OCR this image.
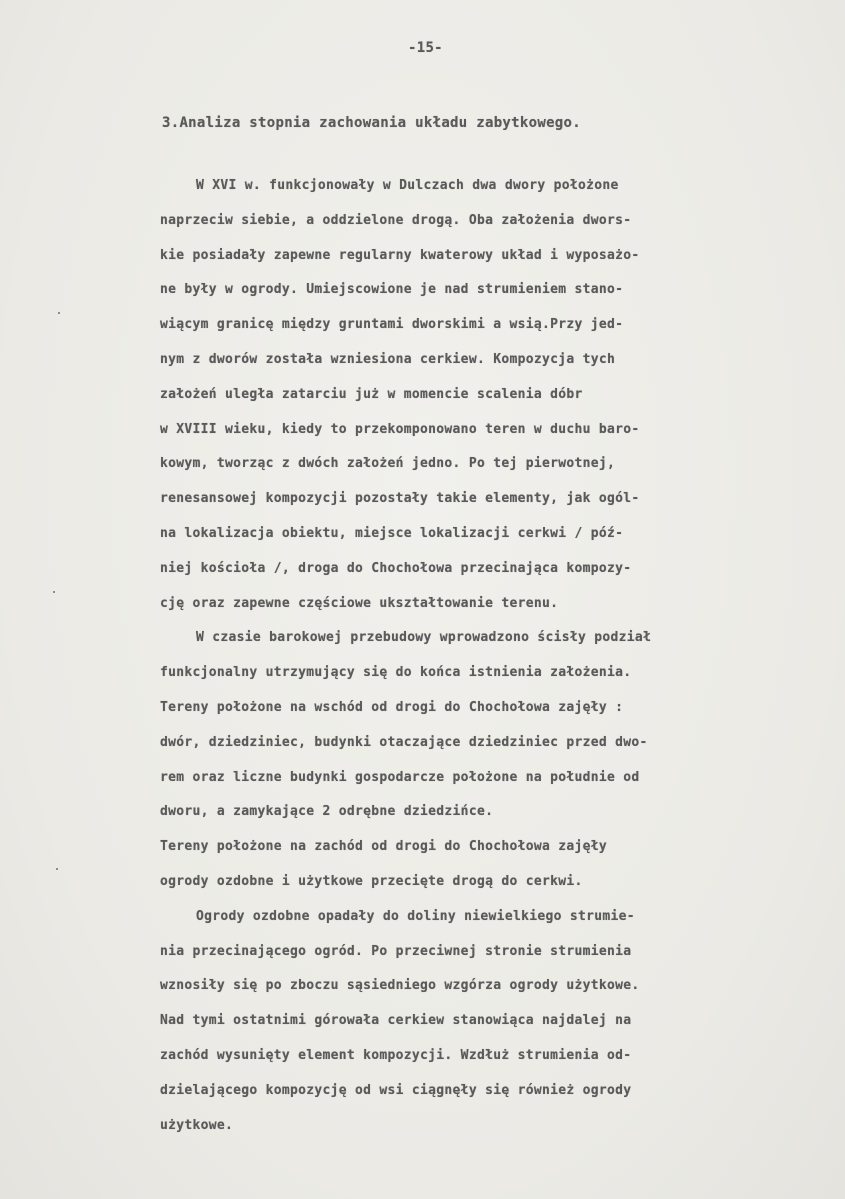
-15-
3.Analiza stopnia zachowania układu zabytkowego.
W XVI w. funkcjonowały w Dulczach dwa dwory położone
naprzeciw siebie, a oddzielone drogą. Oba założenia dwors-
kie posiadały zapewne regularny kwaterowy układ i wyposażo-
ne były w ogrody. Umiejscowione je nad strumieniem stano-
wiącym granicę między gruntami dworskimi a wsią.Przy jed-
nym z dworów została wzniesiona cerkiew. Kompozycja tych
założeń uległa zatarciu już w momencie scalenia dóbr
w XVIII wieku, kiedy to przekomponowano teren w duchu baro-
kowym, tworząc z dwóch założeń jedno. Po tej pierwotnej,
renesansowej kompozycji pozostały takie elementy, jak ogól-
na lokalizacja obiektu, miejsce lokalizacji cerkwi / póź-
niej kościoła /, droga do Chochołowa przecinająca kompozy-
cję oraz zapewne częściowe ukształtowanie terenu.
W czasie barokowej przebudowy wprowadzono ścisły podział
funkcjonalny utrzymujący się do końca istnienia założenia.
Tereny położone na wschód od drogi do Chochołowa zajęły :
dwór, dziedziniec, budynki otaczające dziedziniec przed dwo-
rem oraz liczne budynki gospodarcze położone na południe od
dworu, a zamykające 2 odrębne dziedzińce.
Tereny położone na zachód od drogi do Chochołowa zajęły
ogrody ozdobne i użytkowe przecięte drogą do cerkwi.
Ogrody ozdobne opadały do doliny niewielkiego strumie-
nia przecinającego ogród. Po przeciwnej stronie strumienia
wznosiły się po zboczu sąsiedniego wzgórza ogrody użytkowe.
Nad tymi ostatnimi górowała cerkiew stanowiąca najdalej na
zachód wysunięty element kompozycji. Wzdłuż strumienia od-
dzielającego kompozycję od wsi ciągnęły się również ogrody
użytkowe.
